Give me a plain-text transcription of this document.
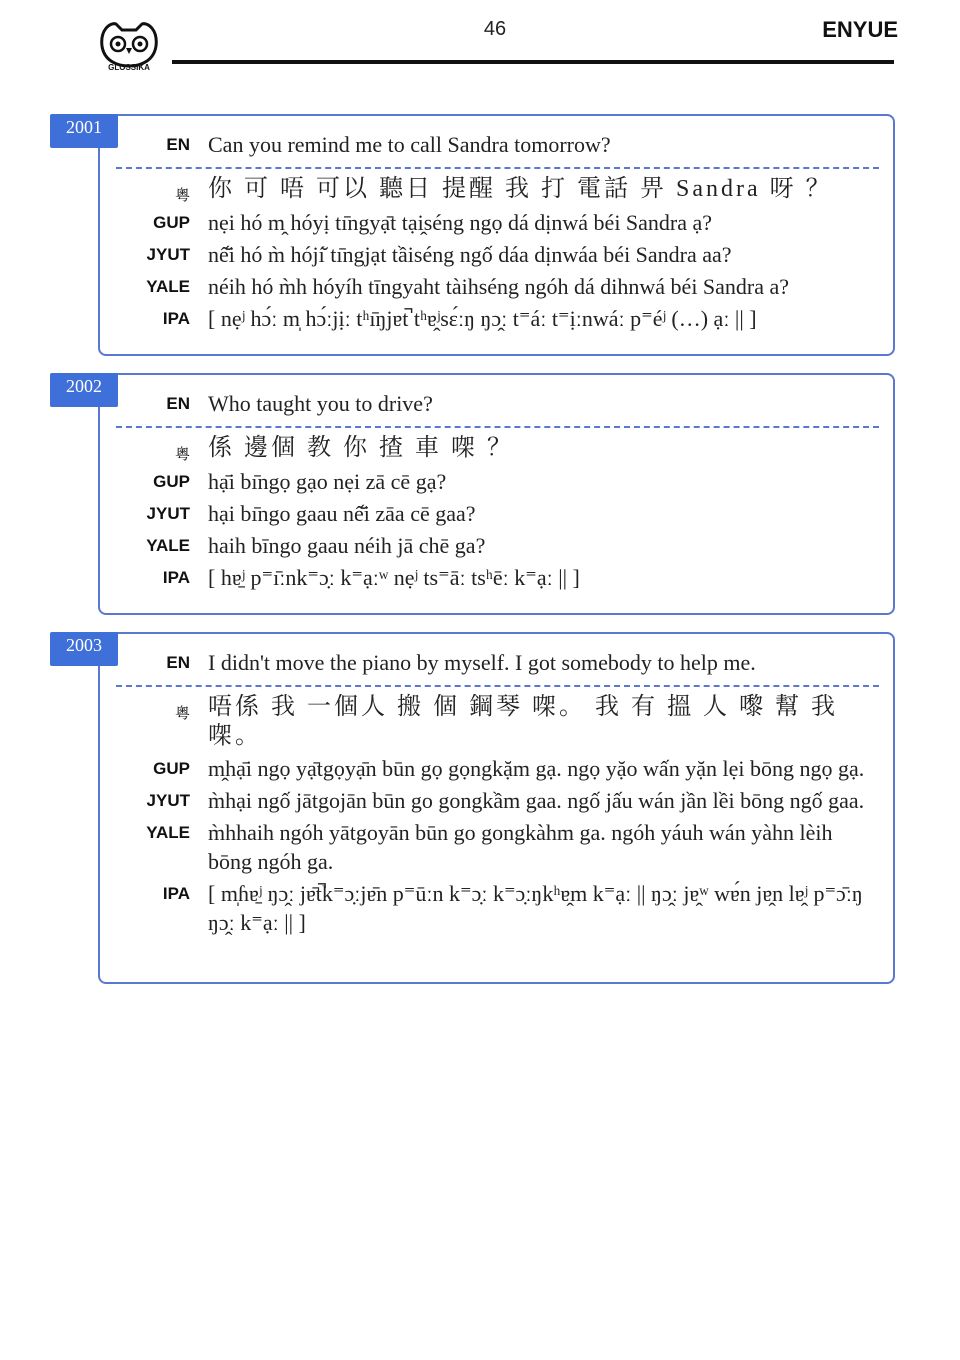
GLOSSIKA
46	ENYUE
EN Can you remind me to call Sandra tomorrow?
粵 你 可 唔 可以 聽日 提醒 我 打 電話 畀 Sandra 呀 ？
GUP nẹi hó m̭ hóyị tı̄ngyạ̄t tại̭séng ngọ dá dịnwá béi Sandra ạ?
JYUT nế̆i hó m̀ hójí̆ tı̄ngjạt tầiséng ngố dáa dịnwáa béi Sandra aa?
YALE néih hó m̀h hóyíh tīngyaht tàihséng ngóh dá dihnwá béi Sandra a?
IPA [ nẹʲ hɔ́ː m̩ hɔ́ːjịː tʰı̄ŋjɐt̚ tʰɐ̭ʲsɛ́ːŋ ŋɔ̭ː t⁼áː t⁼ịːnwáː p⁼éʲ (…) ạː || ]
2001
EN Who taught you to drive?
粵 係 邊個 教 你 揸 車 㗎 ？
GUP hạ̄i bı̄ngọ gạo nẹi zā cē gạ?
JYUT hại bı̄ngo gaau nế̆i zāa cē gaa?
YALE haih bīngo gaau néih jā chē ga?
IPA [ hɐ̱ʲ p⁼ı̄ːnk⁼ɔ̣ː k⁼ạːʷ nẹʲ ts⁼āː tsʰēː k⁼ạː || ]
2002
EN I didn't move the piano by myself. I got somebody to help me.
粵 唔係 我 一個人 搬 個 鋼琴 㗎。 我 有 搵 人 嚟 幫 我 㗎。
GUP m̭hạ̄i ngọ yạ̄tgọyạ̄n būn gọ gọngkặm gạ. ngọ yặo wấn yặn lẹi bōng ngọ gạ.
JYUT m̀hại ngố jātgojān būn go gongkầm gaa. ngố jấu wán jần lềi bōng ngố gaa.
YALE m̀hhaih ngóh yātgoyān būn go gongkàhm ga. ngóh yáuh wán yàhn lèih bōng ngóh ga.
IPA [ m̩ɦɐ̱ʲ ŋɔ̭ː jɐ̄t̚k⁼ɔ̣ːjɐ̄n p⁼ūːn k⁼ɔ̣ː k⁼ɔ̣ːŋkʰɐ̭m k⁼ạː || ŋɔ̭ː jɐ̭ʷ wɐ́n jɐ̭n lɐ̭ʲ p⁼ɔ̄ːŋ ŋɔ̭ː k⁼ạː || ]
2003
